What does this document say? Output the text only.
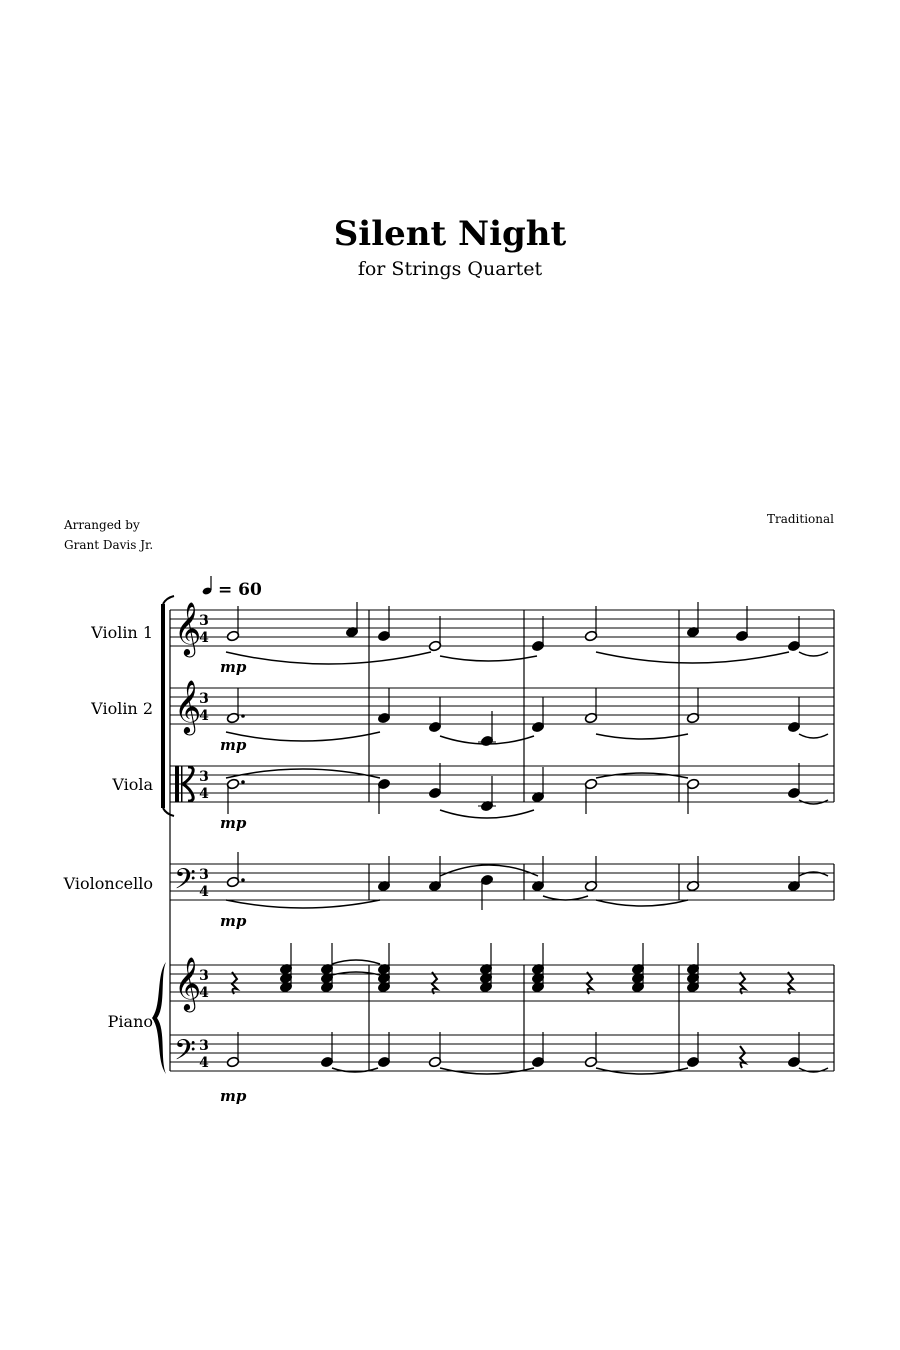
Silent Night
for Strings Quartet
Arranged by
Grant Davis Jr.
Traditional
= 60
Violin 1
Violin 2
Viola
Violoncello
Piano
𝄞
3
4
mp
𝄞
3
4
mp
3
4
mp
𝄢 3
4
mp
𝄞
3
4
𝄢 3
4
mp
